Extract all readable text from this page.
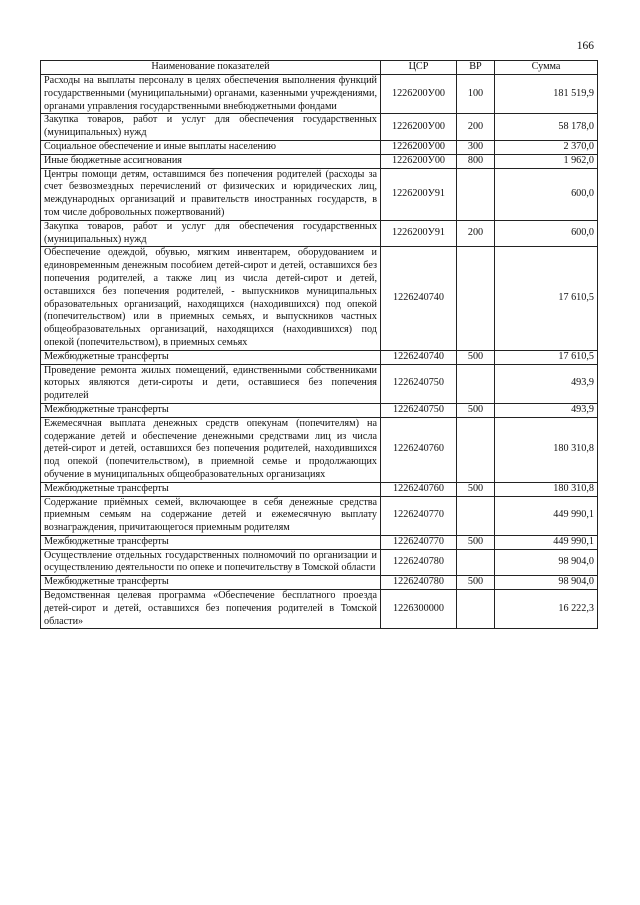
166
Наименование показателей	ЦСР	ВР	Сумма
Расходы на выплаты персоналу в целях обеспечения выполнения функций государственными (муниципальными) органами, казенными учреждениями, органами управления государственными внебюджетными фондами	1226200У00	100	181 519,9
Закупка товаров, работ и услуг для обеспечения государственных (муниципальных) нужд	1226200У00	200	58 178,0
Социальное обеспечение и иные выплаты населению	1226200У00	300	2 370,0
Иные бюджетные ассигнования	1226200У00	800	1 962,0
Центры помощи детям, оставшимся без попечения родителей (расходы за счет безвозмездных перечислений от физических и юридических лиц, международных организаций и правительств иностранных государств, в том числе добровольных пожертвований)	1226200У91		600,0
Закупка товаров, работ и услуг для обеспечения государственных (муниципальных) нужд	1226200У91	200	600,0
Обеспечение одеждой, обувью, мягким инвентарем, оборудованием и единовременным денежным пособием детей-сирот и детей, оставшихся без попечения родителей, а также лиц из числа детей-сирот и детей, оставшихся без попечения родителей, - выпускников муниципальных образовательных организаций, находящихся (находившихся) под опекой (попечительством) или в приемных семьях, и выпускников частных общеобразовательных организаций, находящихся (находившихся) под опекой (попечительством), в приемных семьях	1226240740		17 610,5
Межбюджетные трансферты	1226240740	500	17 610,5
Проведение ремонта жилых помещений, единственными собственниками которых являются дети-сироты и дети, оставшиеся без попечения родителей	1226240750		493,9
Межбюджетные трансферты	1226240750	500	493,9
Ежемесячная выплата денежных средств опекунам (попечителям) на содержание детей и обеспечение денежными средствами лиц из числа детей-сирот и детей, оставшихся без попечения родителей, находившихся под опекой (попечительством), в приемной семье и продолжающих обучение в муниципальных общеобразовательных организациях	1226240760		180 310,8
Межбюджетные трансферты	1226240760	500	180 310,8
Содержание приёмных семей, включающее в себя денежные средства приемным семьям на содержание детей и ежемесячную выплату вознаграждения, причитающегося приемным родителям	1226240770		449 990,1
Межбюджетные трансферты	1226240770	500	449 990,1
Осуществление отдельных государственных полномочий по организации и осуществлению деятельности по опеке и попечительству в Томской области	1226240780		98 904,0
Межбюджетные трансферты	1226240780	500	98 904,0
Ведомственная целевая программа «Обеспечение бесплатного проезда детей-сирот и детей, оставшихся без попечения родителей в Томской области»	1226300000		16 222,3
